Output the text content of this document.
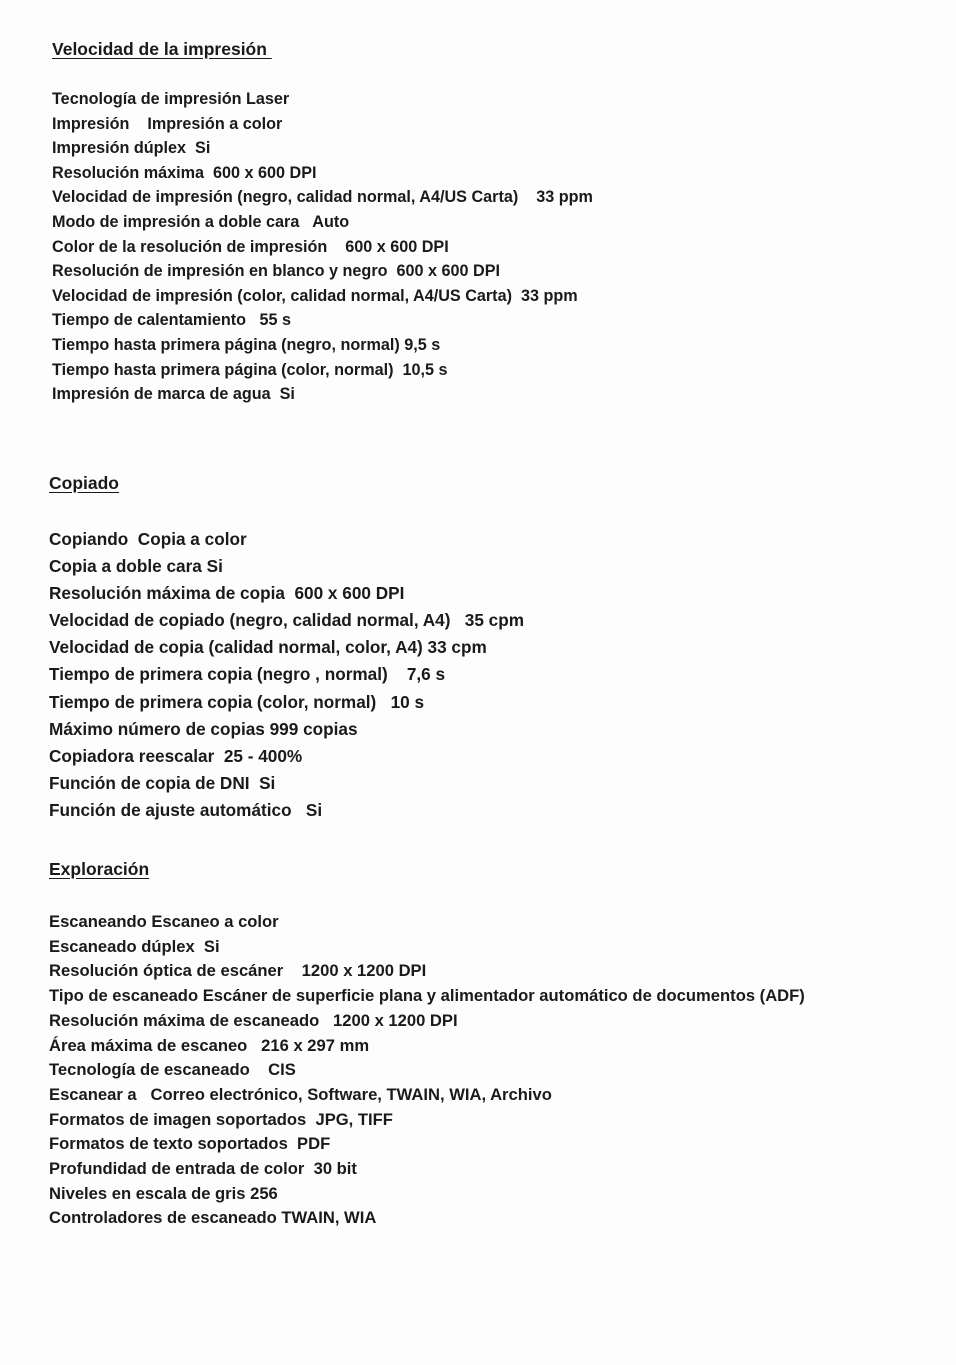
Velocidad de la impresión
Tecnología de impresión Laser
Impresión    Impresión a color
Impresión dúplex  Si
Resolución máxima  600 x 600 DPI
Velocidad de impresión (negro, calidad normal, A4/US Carta)    33 ppm
Modo de impresión a doble cara   Auto
Color de la resolución de impresión    600 x 600 DPI
Resolución de impresión en blanco y negro  600 x 600 DPI
Velocidad de impresión (color, calidad normal, A4/US Carta)  33 ppm
Tiempo de calentamiento   55 s
Tiempo hasta primera página (negro, normal) 9,5 s
Tiempo hasta primera página (color, normal)  10,5 s
Impresión de marca de agua  Si
Copiado
Copiando  Copia a color
Copia a doble cara Si
Resolución máxima de copia  600 x 600 DPI
Velocidad de copiado (negro, calidad normal, A4)   35 cpm
Velocidad de copia (calidad normal, color, A4) 33 cpm
Tiempo de primera copia (negro , normal)    7,6 s
Tiempo de primera copia (color, normal)   10 s
Máximo número de copias 999 copias
Copiadora reescalar  25 - 400%
Función de copia de DNI  Si
Función de ajuste automático   Si
Exploración
Escaneando Escaneo a color
Escaneado dúplex  Si
Resolución óptica de escáner    1200 x 1200 DPI
Tipo de escaneado Escáner de superficie plana y alimentador automático de documentos (ADF)
Resolución máxima de escaneado   1200 x 1200 DPI
Área máxima de escaneo   216 x 297 mm
Tecnología de escaneado    CIS
Escanear a   Correo electrónico, Software, TWAIN, WIA, Archivo
Formatos de imagen soportados  JPG, TIFF
Formatos de texto soportados  PDF
Profundidad de entrada de color  30 bit
Niveles en escala de gris 256
Controladores de escaneado TWAIN, WIA
